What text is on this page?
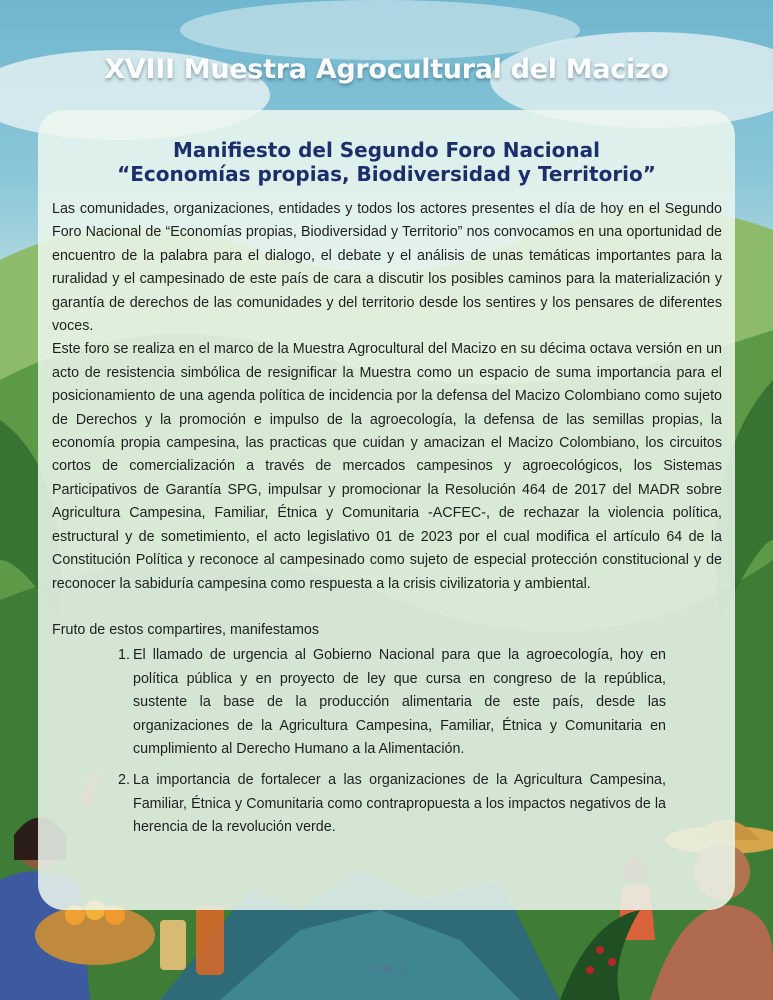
XVIII Muestra Agrocultural del Macizo
Manifiesto del Segundo Foro Nacional
“Economías propias, Biodiversidad y Territorio”

Las comunidades, organizaciones, entidades y todos los actores presentes el día de hoy en el Segundo Foro Nacional de “Economías propias, Biodiversidad y Territorio” nos convocamos en una oportunidad de encuentro de la palabra para el dialogo, el debate y el análisis de unas temáticas importantes para la ruralidad y el campesinado de este país de cara a discutir los posibles caminos para la materialización y garantía de derechos de las comunidades y del territorio desde los sentires y los pensares de diferentes voces.

Este foro se realiza en el marco de la Muestra Agrocultural del Macizo en su décima octava versión en un acto de resistencia simbólica de resignificar la Muestra como un espacio de suma importancia para el posicionamiento de una agenda política de incidencia por la defensa del Macizo Colombiano como sujeto de Derechos y la promoción e impulso de la agroecología, la defensa de las semillas propias, la economía propia campesina, las practicas que cuidan y amacizan el Macizo Colombiano, los circuitos cortos de comercialización a través de mercados campesinos y agroecológicos, los Sistemas Participativos de Garantía SPG, impulsar y promocionar la Resolución 464 de 2017 del MADR sobre Agricultura Campesina, Familiar, Étnica y Comunitaria -ACFEC-, de rechazar la violencia política, estructural y de sometimiento, el acto legislativo 01 de 2023 por el cual modifica el artículo 64 de la Constitución Política y reconoce al campesinado como sujeto de especial protección constitucional y de reconocer la sabiduría campesina como respuesta a la crisis civilizatoria y ambiental.

Fruto de estos compartires, manifestamos

1. El llamado de urgencia al Gobierno Nacional para que la agroecología, hoy en política pública y en proyecto de ley que cursa en congreso de la república, sustente la base de la producción alimentaria de este país, desde las organizaciones de la Agricultura Campesina, Familiar, Étnica y Comunitaria en cumplimiento al Derecho Humano a la Alimentación.
2. La importancia de fortalecer a las organizaciones de la Agricultura Campesina, Familiar, Étnica y Comunitaria como contrapropuesta a los impactos negativos de la herencia de la revolución verde.
1 de 3
